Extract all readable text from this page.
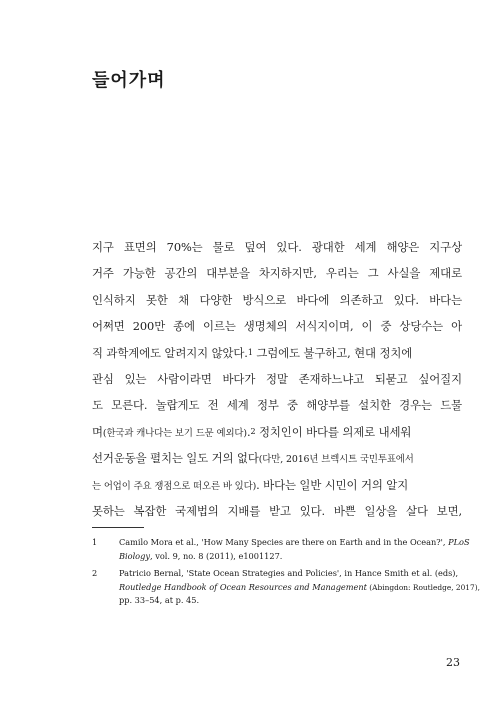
들어가며
지구 표면의 70%는 물로 덮여 있다. 광대한 세계 해양은 지구상
거주 가능한 공간의 대부분을 차지하지만, 우리는 그 사실을 제대로
인식하지 못한 채 다양한 방식으로 바다에 의존하고 있다. 바다는
어쩌면 200만 종에 이르는 생명체의 서식지이며, 이 중 상당수는 아
직 과학계에도 알려지지 않았다.$^1$ 그럼에도 불구하고, 현대 정치에
관심 있는 사람이라면 바다가 정말 존재하느냐고 되묻고 싶어질지
도 모른다. 놀랍게도 전 세계 정부 중 해양부를 설치한 경우는 드물
며(한국과 캐나다는 보기 드문 예외다).$^2$ 정치인이 바다를 의제로 내세워
선거운동을 펼치는 일도 거의 없다(다만, 2016년 브렉시트 국민투표에서
는 어업이 주요 쟁점으로 떠오른 바 있다). 바다는 일반 시민이 거의 알지
못하는 복잡한 국제법의 지배를 받고 있다. 바쁜 일상을 살다 보면,
1	Camilo Mora et al., 'How Many Species are there on Earth and in the Ocean?', PLoS
Biology, vol. 9, no. 8 (2011), e1001127.
2	Patricio Bernal, 'State Ocean Strategies and Policies', in Hance Smith et al. (eds),
Routledge Handbook of Ocean Resources and Management (Abingdon: Routledge, 2017),
pp. 33–54, at p. 45.
23
